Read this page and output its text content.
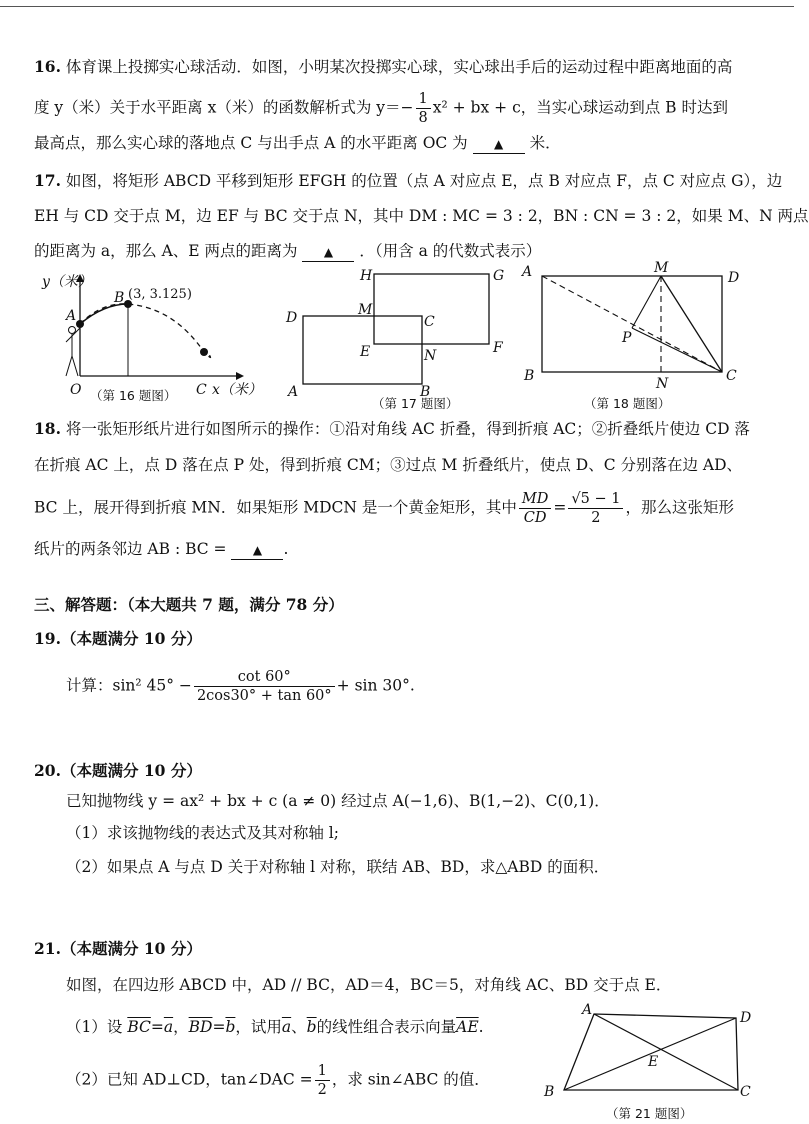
16. 体育课上投掷实心球活动．如图，小明某次投掷实心球，实心球出手后的运动过程中距离地面的高
度 y（米）关于水平距离 x（米）的函数解析式为 $y=- \frac{1}{8} x^2$ + bx + c，当实心球运动到点 B 时达到
最高点，那么实心球的落地点 C 与出手点 A 的水平距离 OC 为 ▲ 米．
17. 如图，将矩形 ABCD 平移到矩形 EFGH 的位置（点 A 对应点 E，点 B 对应点 F，点 C 对应点 G），边
EH 与 CD 交于点 M，边 EF 与 BC 交于点 N，其中 DM : MC = 3 : 2，BN : CN = 3 : 2，如果 M、N 两点
的距离为 a，那么 A、E 两点的距离为 ▲ ．（用含 a 的代数式表示）
y（米）
A
B (3, 3.125)
O	C x（米）
（第 16 题图）
H	G
D	M
C
E	N	F
A	B
（第 17 题图）
A	M
D
P
B	N	C
（第 18 题图）
18. 将一张矩形纸片进行如图所示的操作：①沿对角线 AC 折叠，得到折痕 AC；②折叠纸片使边 CD 落
在折痕 AC 上，点 D 落在点 P 处，得到折痕 CM；③过点 M 折叠纸片，使点 D、C 分别落在边 AD、
BC 上，展开得到折痕 MN．如果矩形 MDCN 是一个黄金矩形，其中 $\frac{MD}{CD} = \frac{√5 - 1}{2}$ ，那么这张矩形
纸片的两条邻边 AB : BC = ▲ .
三、解答题：（本大题共 7 题，满分 78 分）
19.（本题满分 10 分）
计算：sin² $45^\circ - \frac{\cot 60^\circ}{2\cos 30^\circ + \tan 60^\circ} + \sin 30^\circ$.
20.（本题满分 10 分）
已知抛物线 y = ax² + bx + c (a ≠ 0) 经过点 A(−1,6)、B(1,−2)、C(0,1)．
（1）求该抛物线的表达式及其对称轴 l;
（2）如果点 A 与点 D 关于对称轴 l 对称，联结 AB、BD，求△ABD 的面积．
21.（本题满分 10 分）
如图，在四边形 ABCD 中，AD // BC，AD＝4，BC＝5，对角线 AC、BD 交于点 E．
（1）设 $\overline{BC}=\overline{a}$，$\overline{BD}=\overline{b}$，试用$\overline{a}$、$\overline{b}$的线性组合表示向量$\overline{AE}$.
（2）已知 AD⊥CD，tan∠DAC = $\frac{1}{2}$ ，求 sin∠ABC 的值．
A	D
E
B	C
（第 21 题图）
